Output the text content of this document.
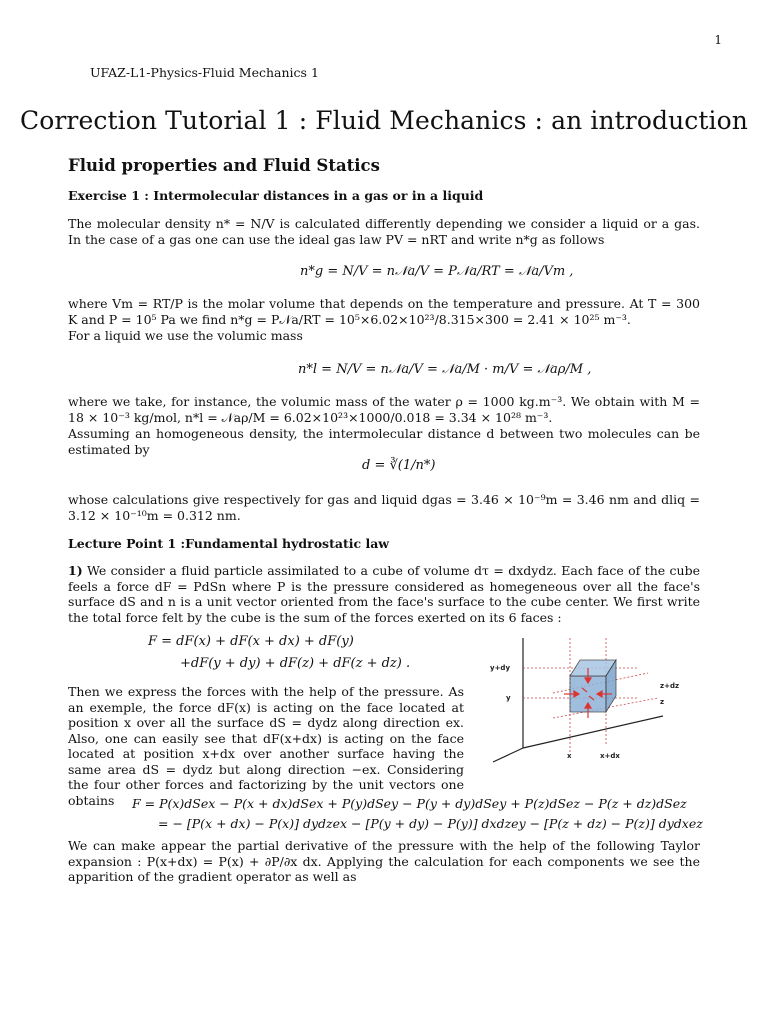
1
UFAZ-L1-Physics-Fluid Mechanics 1
Correction Tutorial 1 : Fluid Mechanics : an introduction
Fluid properties and Fluid Statics
Exercise 1 : Intermolecular distances in a gas or in a liquid
The molecular density n* = N/V is calculated differently depending we consider a liquid or a gas. In the case of a gas one can use the ideal gas law PV = nRT and write n*g as follows
n*g = N/V = n𝒩a/V = P𝒩a/RT = 𝒩a/Vm ,
where Vm = RT/P is the molar volume that depends on the temperature and pressure. At T = 300 K and P = 10⁵ Pa we find n*g = P𝒩a/RT = 10⁵×6.02×10²³/8.315×300 = 2.41 × 10²⁵ m⁻³.
For a liquid we use the volumic mass
n*l = N/V = n𝒩a/V = 𝒩a/M · m/V = 𝒩aρ/M ,
where we take, for instance, the volumic mass of the water ρ = 1000 kg.m⁻³. We obtain with M = 18 × 10⁻³ kg/mol, n*l = 𝒩aρ/M = 6.02×10²³×1000/0.018 = 3.34 × 10²⁸ m⁻³.
Assuming an homogeneous density, the intermolecular distance d between two molecules can be estimated by
d = ∛(1/n*)
whose calculations give respectively for gas and liquid dgas = 3.46 × 10⁻⁹m = 3.46 nm and dliq = 3.12 × 10⁻¹⁰m = 0.312 nm.
Lecture Point 1 :Fundamental hydrostatic law
1) We consider a fluid particle assimilated to a cube of volume dτ = dxdydz. Each face of the cube feels a force dF = PdSn where P is the pressure considered as homegeneous over all the face's surface dS and n is a unit vector oriented from the face's surface to the cube center. We first write the total force felt by the cube is the sum of the forces exerted on its 6 faces :
F = dF(x) + dF(x + dx) + dF(y)
+dF(y + dy) + dF(z) + dF(z + dz) .
Then we express the forces with the help of the pressure. As an exemple, the force dF(x) is acting on the face located at position x over all the surface dS = dydz along direction ex. Also, one can easily see that dF(x+dx) is acting on the face located at position x+dx over another surface having the same area dS = dydz but along direction −ex. Considering the four other forces and factorizing by the unit vectors one obtains
y+dy
y
z+dz
z
x	x+dx
F = P(x)dSex − P(x + dx)dSex + P(y)dSey − P(y + dy)dSey + P(z)dSez − P(z + dz)dSez
= − [P(x + dx) − P(x)] dydzex − [P(y + dy) − P(y)] dxdzey − [P(z + dz) − P(z)] dydxez
We can make appear the partial derivative of the pressure with the help of the following Taylor expansion : P(x+dx) = P(x) + ∂P/∂x dx. Applying the calculation for each components we see the apparition of the gradient operator as well as
